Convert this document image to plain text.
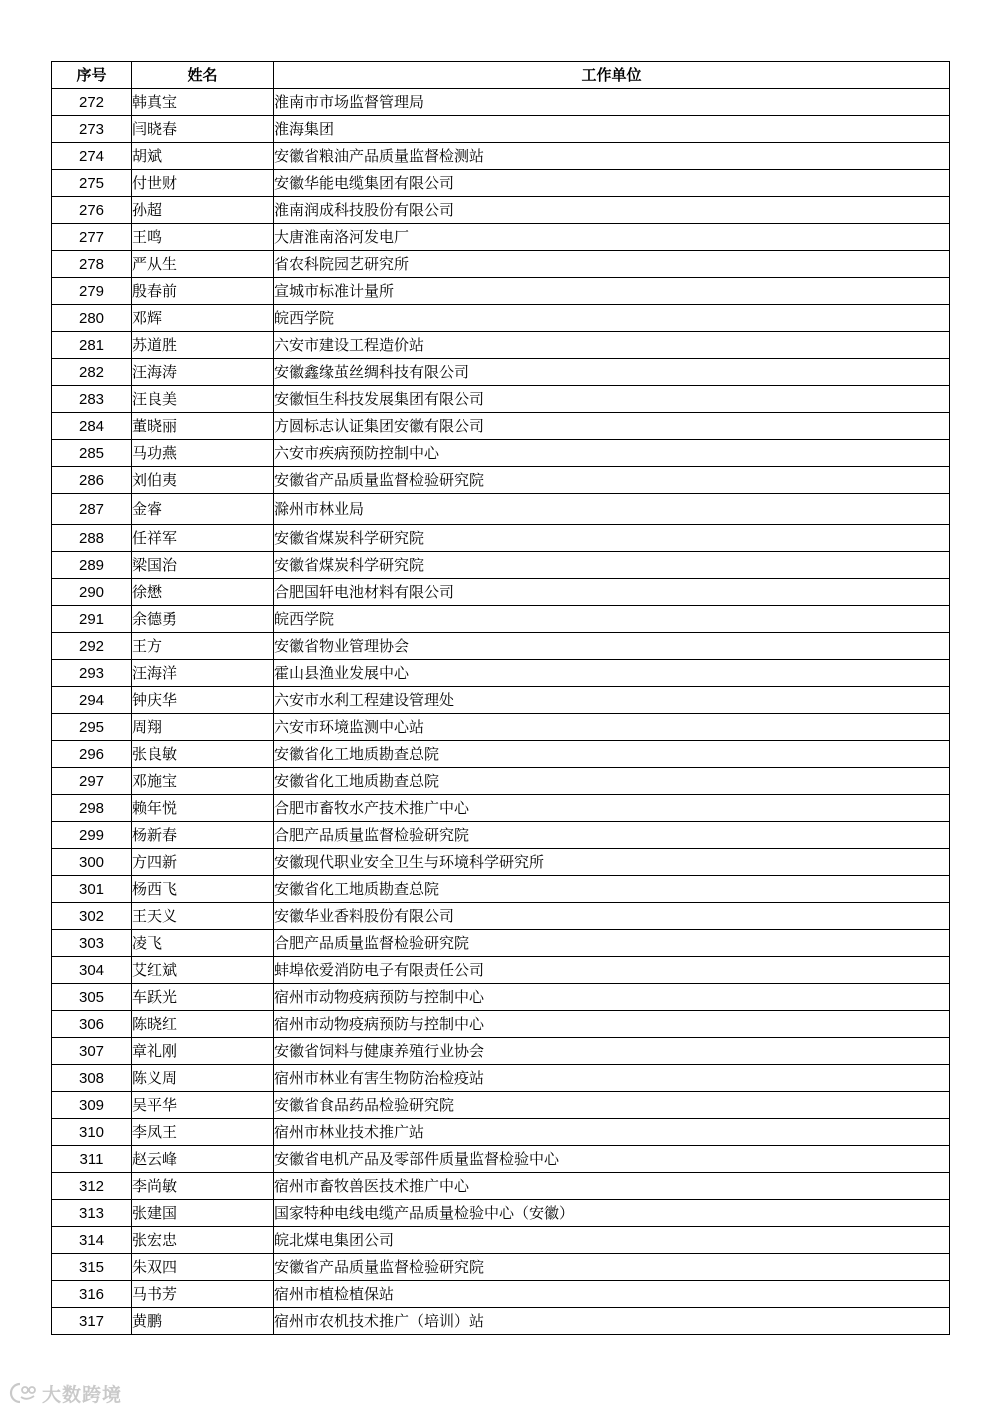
序号	姓名	工作单位
272	韩真宝	淮南市市场监督管理局
273	闫晓春	淮海集团
274	胡斌	安徽省粮油产品质量监督检测站
275	付世财	安徽华能电缆集团有限公司
276	孙超	淮南润成科技股份有限公司
277	王鸣	大唐淮南洛河发电厂
278	严从生	省农科院园艺研究所
279	殷春前	宣城市标准计量所
280	邓辉	皖西学院
281	苏道胜	六安市建设工程造价站
282	汪海涛	安徽鑫缘茧丝绸科技有限公司
283	汪良美	安徽恒生科技发展集团有限公司
284	董晓丽	方圆标志认证集团安徽有限公司
285	马功燕	六安市疾病预防控制中心
286	刘伯夷	安徽省产品质量监督检验研究院
287	金睿	滁州市林业局
288	任祥军	安徽省煤炭科学研究院
289	梁国治	安徽省煤炭科学研究院
290	徐懋	合肥国轩电池材料有限公司
291	余德勇	皖西学院
292	王方	安徽省物业管理协会
293	汪海洋	霍山县渔业发展中心
294	钟庆华	六安市水利工程建设管理处
295	周翔	六安市环境监测中心站
296	张良敏	安徽省化工地质勘查总院
297	邓施宝	安徽省化工地质勘查总院
298	赖年悦	合肥市畜牧水产技术推广中心
299	杨新春	合肥产品质量监督检验研究院
300	方四新	安徽现代职业安全卫生与环境科学研究所
301	杨西飞	安徽省化工地质勘查总院
302	王天义	安徽华业香料股份有限公司
303	凌飞	合肥产品质量监督检验研究院
304	艾红斌	蚌埠依爱消防电子有限责任公司
305	车跃光	宿州市动物疫病预防与控制中心
306	陈晓红	宿州市动物疫病预防与控制中心
307	章礼刚	安徽省饲料与健康养殖行业协会
308	陈义周	宿州市林业有害生物防治检疫站
309	吴平华	安徽省食品药品检验研究院
310	李凤王	宿州市林业技术推广站
311	赵云峰	安徽省电机产品及零部件质量监督检验中心
312	李尚敏	宿州市畜牧兽医技术推广中心
313	张建国	国家特种电线电缆产品质量检验中心（安徽）
314	张宏忠	皖北煤电集团公司
315	朱双四	安徽省产品质量监督检验研究院
316	马书芳	宿州市植检植保站
317	黄鹏	宿州市农机技术推广（培训）站
大数跨境
